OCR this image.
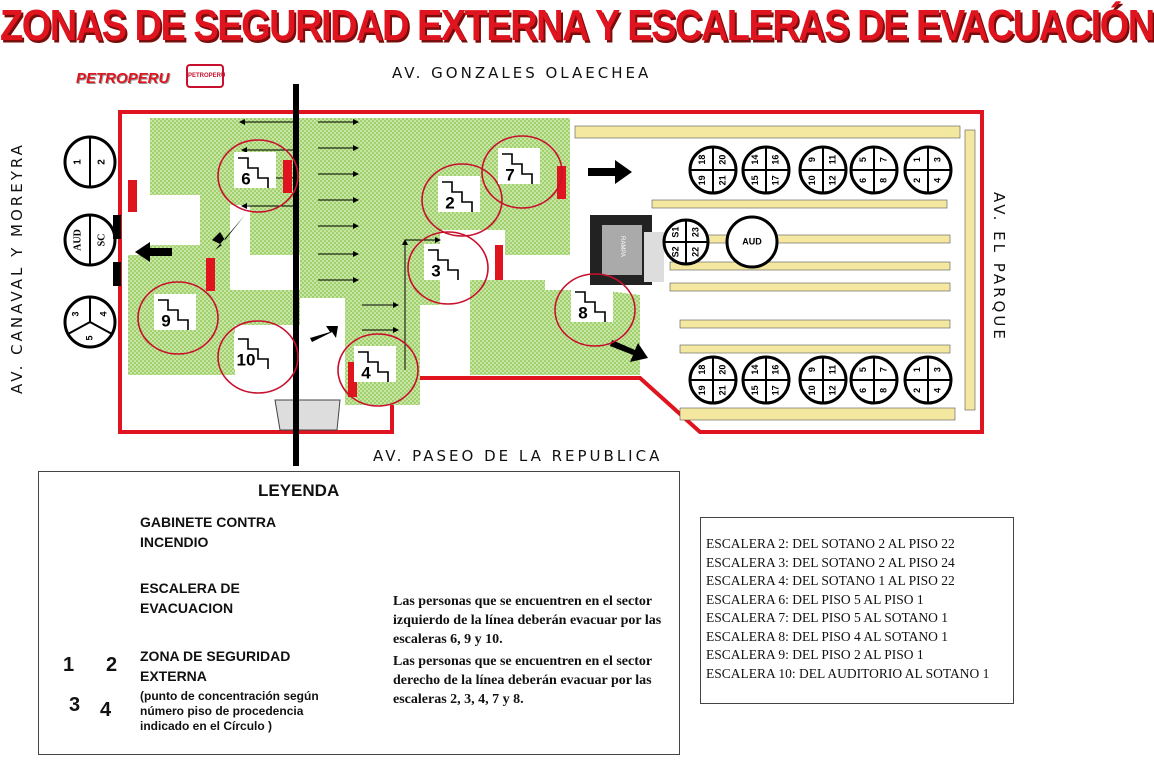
ZONAS DE SEGURIDAD EXTERNA Y ESCALERAS DE EVACUACIÓN
PETROPERU	PETROPERU	AV. GONZALES OLAECHEA
AV. PASEO DE LA REPUBLICA
AV. CANAVAL Y MOREYRA	AV. EL PARQUE
RAMPA
2
3
4
6	7
8
9
10
18
19
20
21
14
15
16
17
9
10
11
12
5
6
7
8
1
2
3
4
18
19
20
21
14
15
16
17
9
10
11
12
5
6
7
8
1
2
3
4
S1
S2
23
22
AUD
1 2
AUD SC
3 4
5
LEYENDA
GABINETE CONTRA INCENDIO
ESCALERA DE EVACUACION
ZONA DE SEGURIDAD EXTERNA
(punto de concentración según número piso de procedencia indicado en el Círculo )
1 2
3 4
Las personas que se encuentren en el sector izquierdo de la línea deberán evacuar por las escaleras 6, 9 y 10.
Las personas que se encuentren en el sector derecho de la línea deberán evacuar por las escaleras 2, 3, 4, 7 y 8.
ESCALERA 2: DEL SOTANO 2 AL PISO 22
ESCALERA 3: DEL SOTANO 2 AL PISO 24
ESCALERA 4: DEL SOTANO 1 AL PISO 22
ESCALERA 6: DEL PISO 5 AL PISO 1
ESCALERA 7: DEL PISO 5 AL SOTANO 1
ESCALERA 8: DEL PISO 4 AL SOTANO 1
ESCALERA 9: DEL PISO 2 AL PISO 1
ESCALERA 10: DEL AUDITORIO AL SOTANO 1
